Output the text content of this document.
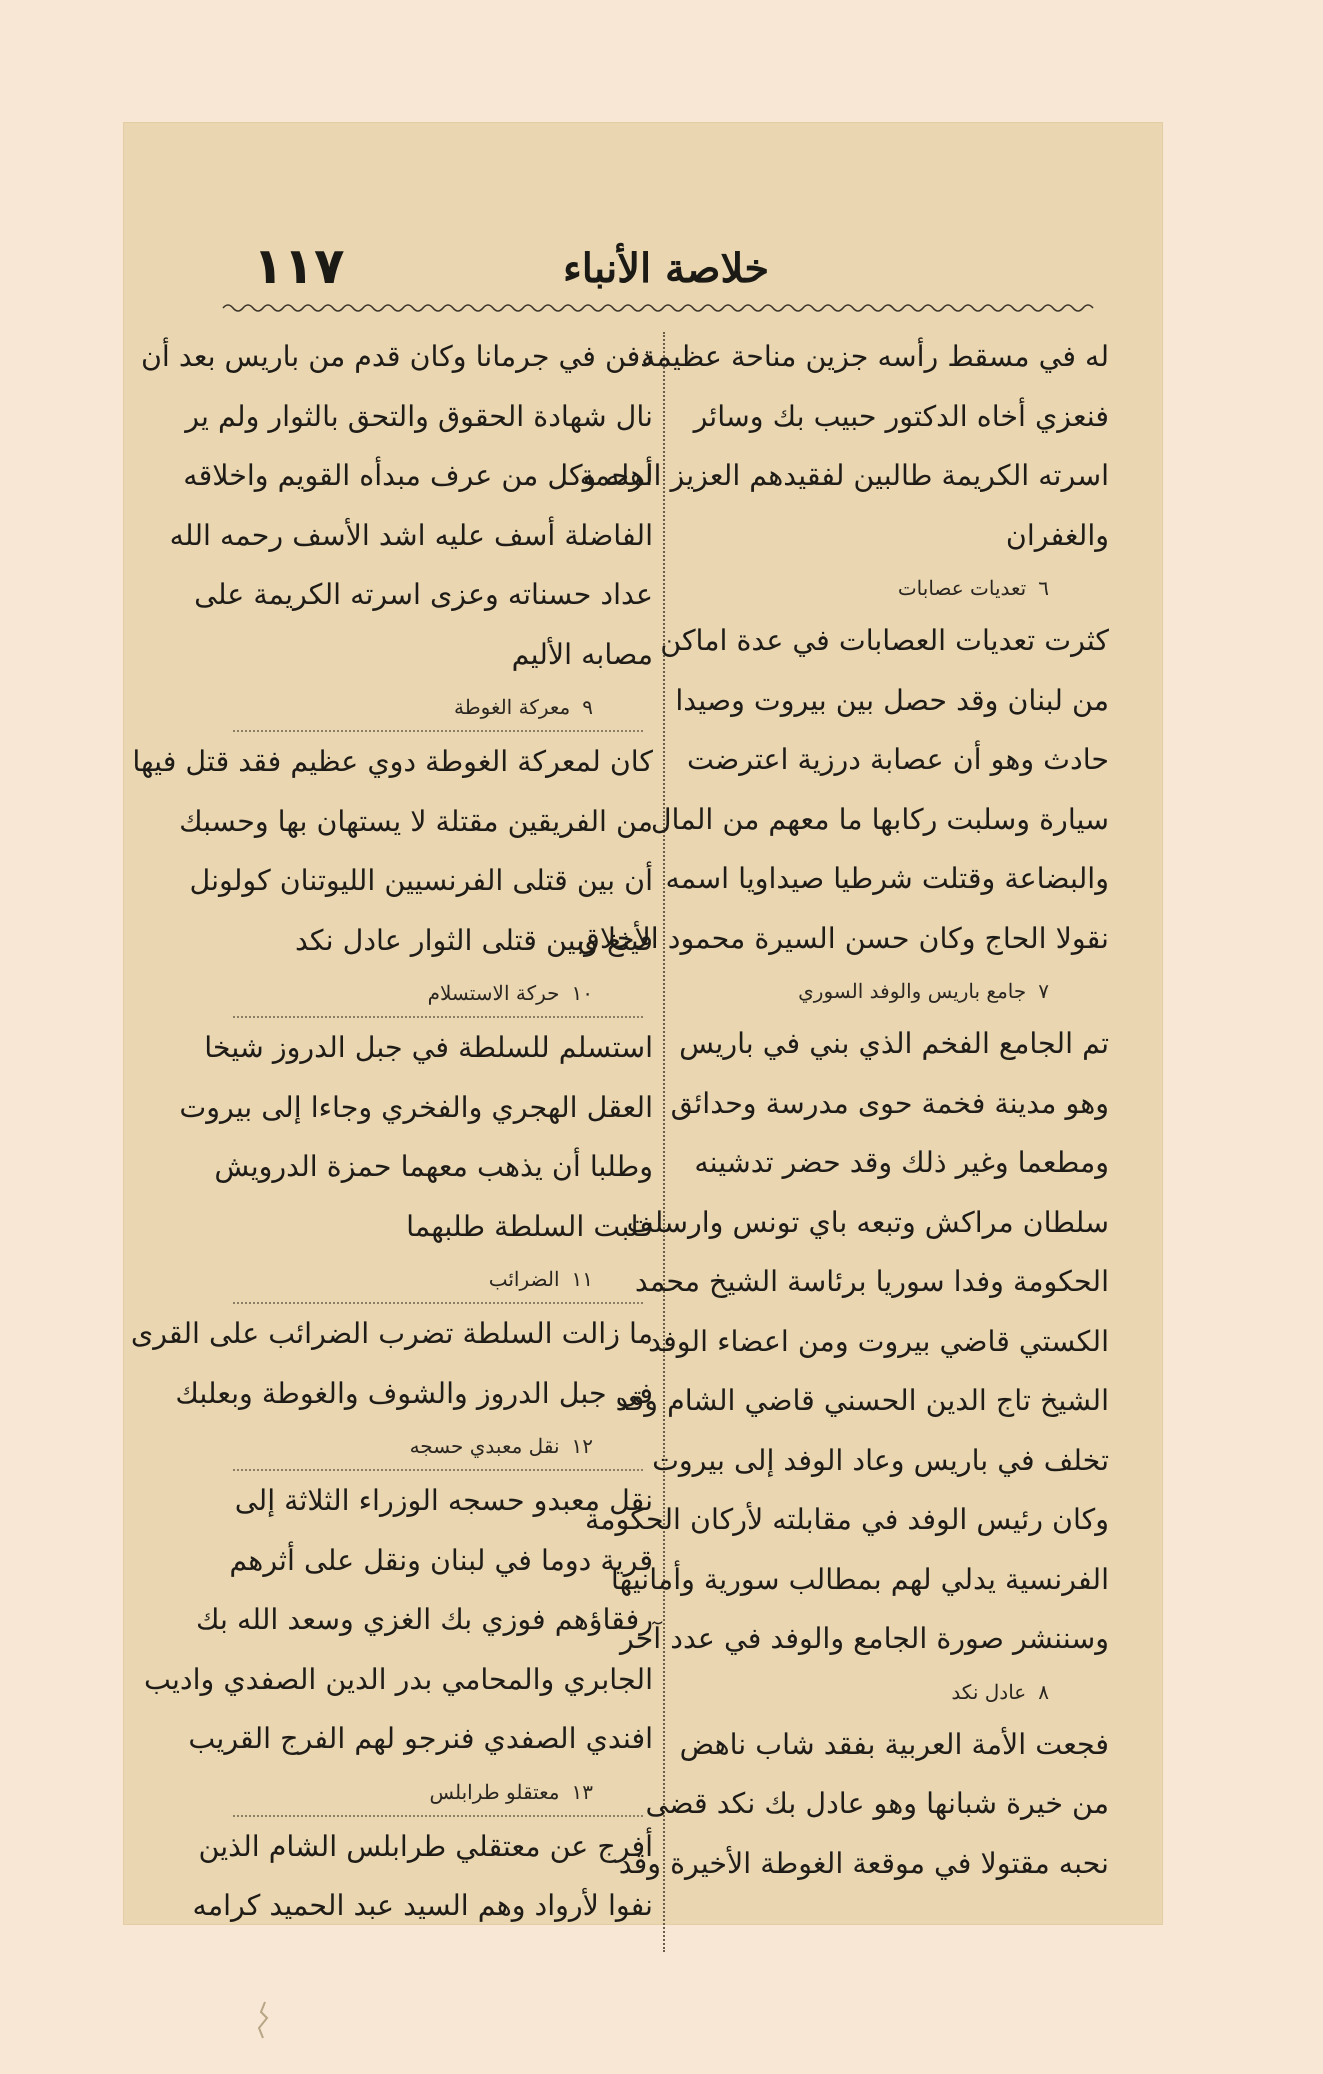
١١٧	خلاصة الأنباء
له في مسقط رأسه جزين مناحة عظيمة
فنعزي أخاه الدكتور حبيب بك وسائر
اسرته الكريمة طالبين لفقيدهم العزيز الرحمة
والغفران
٦تعديات عصابات
كثرت تعديات العصابات في عدة اماكن
من لبنان وقد حصل بين بيروت وصيدا
حادث وهو أن عصابة درزية اعترضت
سيارة وسلبت ركابها ما معهم من المال
والبضاعة وقتلت شرطيا صيداويا اسمه
نقولا الحاج وكان حسن السيرة محمود الأخلاق
٧جامع باريس والوفد السوري
تم الجامع الفخم الذي بني في باريس
وهو مدينة فخمة حوى مدرسة وحدائق
ومطعما وغير ذلك وقد حضر تدشينه
سلطان مراكش وتبعه باي تونس وارسلت
الحكومة وفدا سوريا برئاسة الشيخ محمد
الكستي قاضي بيروت ومن اعضاء الوفد
الشيخ تاج الدين الحسني قاضي الشام وقد
تخلف في باريس وعاد الوفد إلى بيروت
وكان رئيس الوفد في مقابلته لأركان الحكومة
الفرنسية يدلي لهم بمطالب سورية وأمانيها
وسننشر صورة الجامع والوفد في عدد آخر
٨عادل نكد
فجعت الأمة العربية بفقد شاب ناهض
من خيرة شبانها وهو عادل بك نكد قضى
نحبه مقتولا في موقعة الغوطة الأخيرة وقد
دفن في جرمانا وكان قدم من باريس بعد أن
نال شهادة الحقوق والتحق بالثوار ولم ير
أهله وكل من عرف مبدأه القويم واخلاقه
الفاضلة أسف عليه اشد الأسف رحمه الله
عداد حسناته وعزى اسرته الكريمة على
مصابه الأليم
٩معركة الغوطة
كان لمعركة الغوطة دوي عظيم فقد قتل فيها
من الفريقين مقتلة لا يستهان بها وحسبك
أن بين قتلى الفرنسيين الليوتنان كولونل
فينغ وبين قتلى الثوار عادل نكد
١٠حركة الاستسلام
استسلم للسلطة في جبل الدروز شيخا
العقل الهجري والفخري وجاءا إلى بيروت
وطلبا أن يذهب معهما حمزة الدرويش
فلبت السلطة طلبهما
١١الضرائب
ما زالت السلطة تضرب الضرائب على القرى
في جبل الدروز والشوف والغوطة وبعلبك
١٢نقل معبدي حسجه
نقل معبدو حسجه الوزراء الثلاثة إلى
قرية دوما في لبنان ونقل على أثرهم
رفقاؤهم فوزي بك الغزي وسعد الله بك
الجابري والمحامي بدر الدين الصفدي واديب
افندي الصفدي فنرجو لهم الفرج القريب
١٣معتقلو طرابلس
أفرج عن معتقلي طرابلس الشام الذين
نفوا لأرواد وهم السيد عبد الحميد كرامه
